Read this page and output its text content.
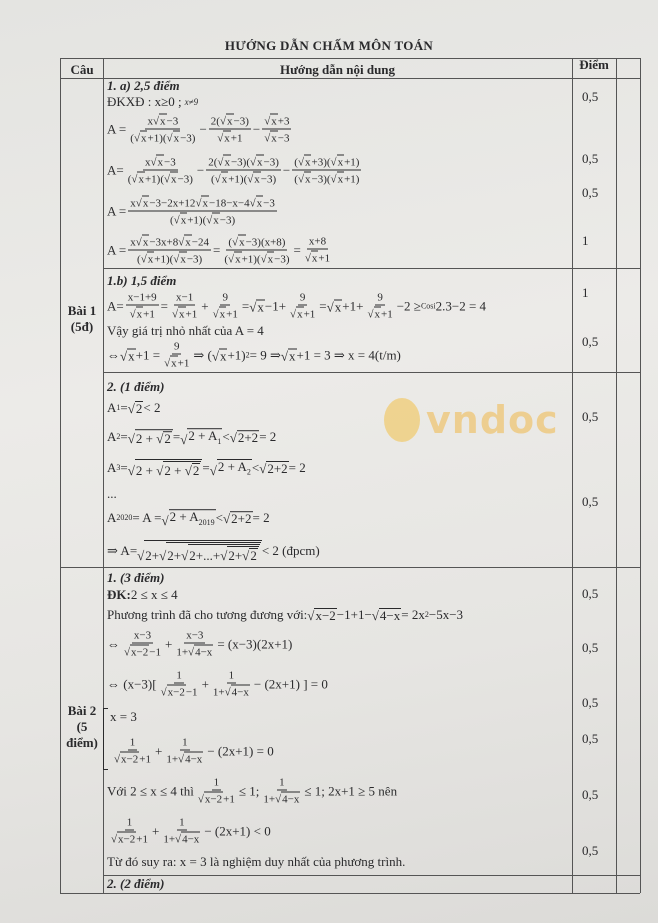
HƯỚNG DẪN CHẤM MÔN TOÁN
Câu	Hướng dẫn nội dung	Điểm
Bài 1
(5đ)
Bài 2
(5
điểm)
vndoc
1. a) 2,5 điểm
ĐKXĐ : x≥0 ; x≠9
$A = \frac{x √ x -3}{( √ x +1)( √ x -3)} - \frac{2( √ x -3)}{√ x +1} - \frac{√ x +3}{√ x -3}$
$A= \frac{x √ x -3}{( √ x +1)( √ x -3)} - \frac{2( √ x -3)( √ x -3)}{( √ x +1)( √ x -3)} - \frac{( √ x +3)( √ x +1)}{( √ x -3)( √ x +1)}$
$A = \frac{x √ x -3-2x+12 √ x -18-x-4 √ x -3}{( √ x +1)( √ x -3)}$
$A = \frac{x √ x -3x+8 √ x -24}{( √ x +1)( √ x -3)} = \frac{( √ x -3)(x+8)}{( √ x +1)( √ x -3)} = \frac{x+8}{√ x +1}$
1.b) 1,5 điểm
$A= \frac{x-1+9}{√ x +1} = \frac{x-1}{√ x +1} + \frac{9}{√ x +1}$ = √ $x -1+ \frac{9}{√ x +1}$ = √ $x +1+ \frac{9}{√ x +1} -2$ ≥ Cosi 2.3−2 = 4
Vậy giá trị nhỏ nhất của A = 4
⇔ √ $x +1 = \frac{9}{√ x +1}$ ⇒ ( √ x +1) 2 = 9 ⇒ √ x +1 = 3 ⇒ x = 4(t/m)
2. (1 điểm)
A 1 = √ 2 < 2
A 2 = √ 2 + √ 2 = √ $2 + A_1$ < √ 2+2 = 2
A 3 = √ 2 + √ 2 + √ 2 = √ $2 + A_2$ < √ 2+2 = 2
...
A 2020 = A = √ $2 + A_{2019}$ < √ 2+2 = 2
⇒ A= √ 2+ √ 2+ √ 2+...+ √ 2+ √ 2 < 2 (đpcm)
1. (3 điểm)
ĐK: 2 ≤ x ≤ 4
Phương trình đã cho tương đương với: √ x−2 −1+1− √ 4−x = 2x 2 −5x−3
⇔ $\frac{x-3}{√ x-2 -1} + \frac{x-3}{1+ √ 4-x} = (x-3)(2x+1)$
⇔ $(x-3)[ \frac{1}{√ x-2 -1} + \frac{1}{1+ √ 4-x} - (2x+1)$ ] = 0
x = 3
$\frac{1}{√ x-2 +1} + \frac{1}{1+ √ 4-x} - (2x+1) = 0$
Với 2 ≤ x ≤ 4 thì $\frac{1}{√ x-2 +1} \le 1$; $\frac{1}{1+ √ 4-x} \le 1$; 2x+1 ≥ 5 nên
$\frac{1}{√ x-2 +1} + \frac{1}{1+ √ 4-x} - (2x+1) < 0$
Từ đó suy ra: x = 3 là nghiệm duy nhất của phương trình.
2. (2 điểm)
0,5
0,5
0,5
1
1
0,5
0,5
0,5
0,5
0,5
0,5
0,5
0,5
0,5
